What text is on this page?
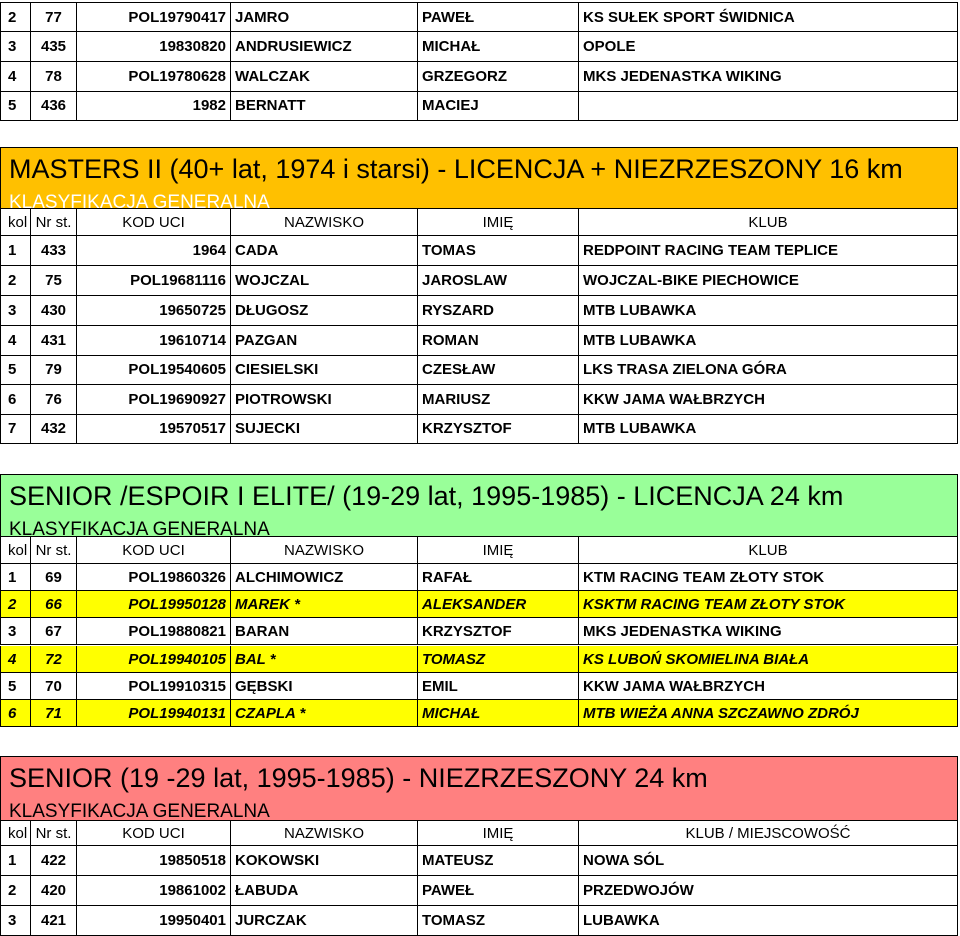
2	77	POL19790417 JAMRO	PAWEŁ	KS SUŁEK SPORT ŚWIDNICA
3	435	19830820 ANDRUSIEWICZ	MICHAŁ	OPOLE
4	78	POL19780628 WALCZAK	GRZEGORZ	MKS JEDENASTKA WIKING
5	436	1982 BERNATT	MACIEJ
MASTERS II (40+ lat, 1974 i starsi) - LICENCJA + NIEZRZESZONY 16 km
KLASYFIKACJA GENERALNA
kol Nr st.	KOD UCI	NAZWISKO	IMIĘ	KLUB
1	433	1964 CADA	TOMAS	REDPOINT RACING TEAM TEPLICE
2	75	POL19681116 WOJCZAL	JAROSLAW	WOJCZAL-BIKE PIECHOWICE
3	430	19650725 DŁUGOSZ	RYSZARD	MTB LUBAWKA
4	431	19610714 PAZGAN	ROMAN	MTB LUBAWKA
5	79	POL19540605 CIESIELSKI	CZESŁAW	LKS TRASA ZIELONA GÓRA
6	76	POL19690927 PIOTROWSKI	MARIUSZ	KKW JAMA WAŁBRZYCH
7	432	19570517 SUJECKI	KRZYSZTOF	MTB LUBAWKA
SENIOR /ESPOIR I ELITE/ (19-29 lat, 1995-1985) - LICENCJA 24 km
KLASYFIKACJA GENERALNA
kol Nr st.	KOD UCI	NAZWISKO	IMIĘ	KLUB
1	69	POL19860326 ALCHIMOWICZ	RAFAŁ	KTM RACING TEAM ZŁOTY STOK
2	66	POL19950128 MAREK *	ALEKSANDER	KSKTM RACING TEAM ZŁOTY STOK
3	67	POL19880821 BARAN	KRZYSZTOF	MKS JEDENASTKA WIKING
4	72	POL19940105 BAL *	TOMASZ	KS LUBOŃ SKOMIELINA BIAŁA
5	70	POL19910315 GĘBSKI	EMIL	KKW JAMA WAŁBRZYCH
6	71	POL19940131 CZAPLA *	MICHAŁ	MTB WIEŻA ANNA SZCZAWNO ZDRÓJ
SENIOR (19 -29 lat, 1995-1985) - NIEZRZESZONY 24 km
KLASYFIKACJA GENERALNA
kol Nr st.	KOD UCI	NAZWISKO	IMIĘ	KLUB / MIEJSCOWOŚĆ
1	422	19850518 KOKOWSKI	MATEUSZ	NOWA SÓL
2	420	19861002 ŁABUDA	PAWEŁ	PRZEDWOJÓW
3	421	19950401 JURCZAK	TOMASZ	LUBAWKA
